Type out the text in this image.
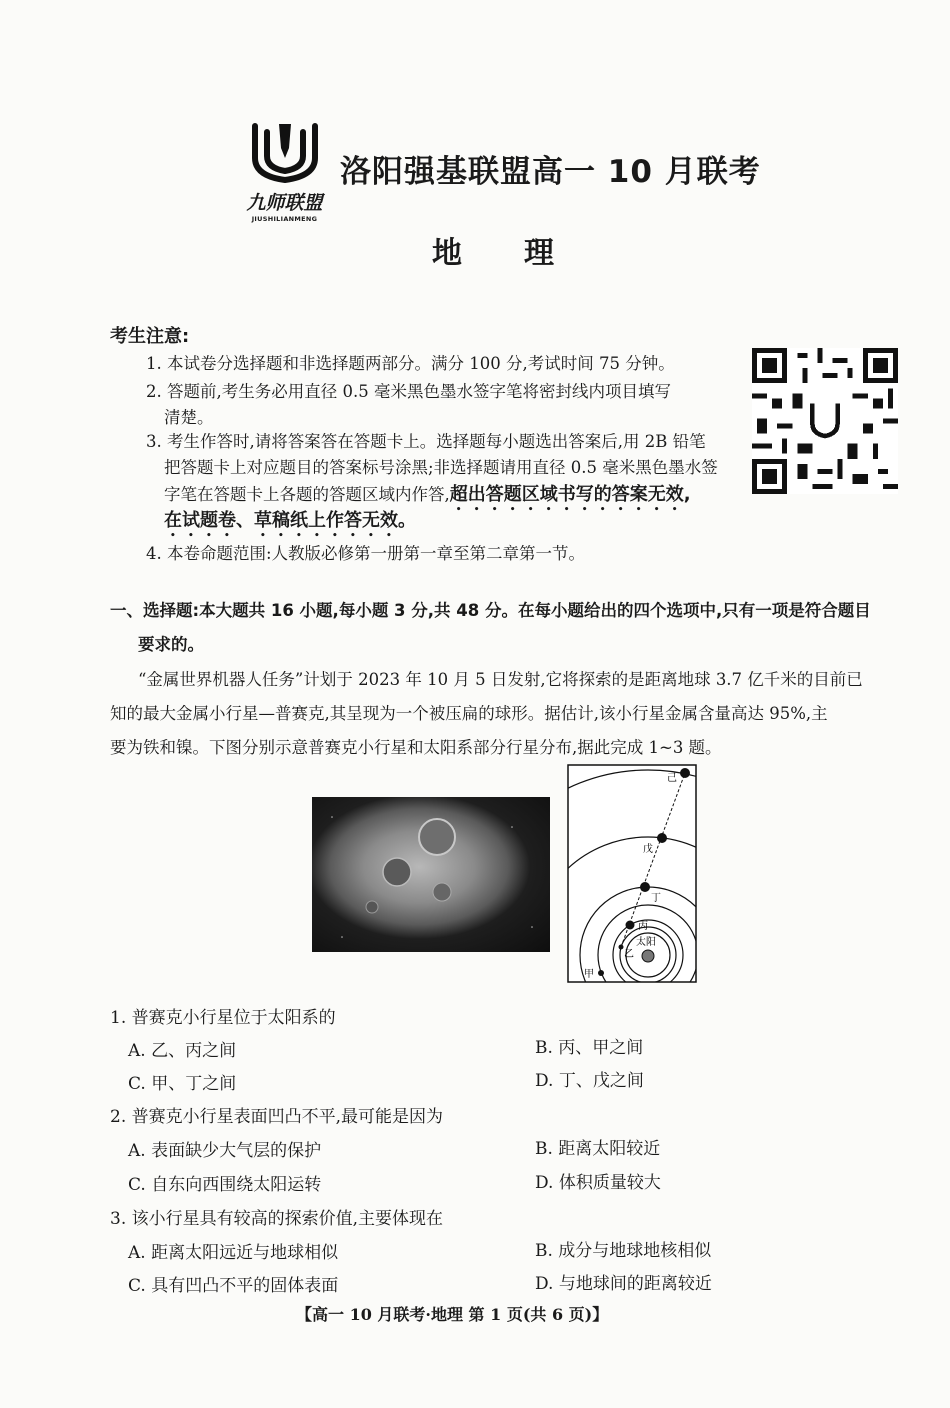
九师联盟
JIUSHILIANMENG
洛阳强基联盟高一 10 月联考
地理
考生注意:
1. 本试卷分选择题和非选择题两部分。满分 100 分,考试时间 75 分钟。
2. 答题前,考生务必用直径 0.5 毫米黑色墨水签字笔将密封线内项目填写
清楚。
3. 考生作答时,请将答案答在答题卡上。选择题每小题选出答案后,用 2B 铅笔
把答题卡上对应题目的答案标号涂黑;非选择题请用直径 0.5 毫米黑色墨水签
字笔在答题卡上各题的答题区域内作答,超出答题区域书写的答案无效,
在试题卷、草稿纸上作答无效。
4. 本卷命题范围:人教版必修第一册第一章至第二章第一节。
一、选择题:本大题共 16 小题,每小题 3 分,共 48 分。在每小题给出的四个选项中,只有一项是符合题目
要求的。
“金属世界机器人任务”计划于 2023 年 10 月 5 日发射,它将探索的是距离地球 3.7 亿千米的目前已
知的最大金属小行星—普赛克,其呈现为一个被压扁的球形。据估计,该小行星金属含量高达 95%,主
要为铁和镍。下图分别示意普赛克小行星和太阳系部分行星分布,据此完成 1~3 题。
己
戊
丁
丙
太阳
乙
甲
1. 普赛克小行星位于太阳系的
A. 乙、丙之间	B. 丙、甲之间
C. 甲、丁之间	D. 丁、戊之间
2. 普赛克小行星表面凹凸不平,最可能是因为
A. 表面缺少大气层的保护	B. 距离太阳较近
C. 自东向西围绕太阳运转	D. 体积质量较大
3. 该小行星具有较高的探索价值,主要体现在
A. 距离太阳远近与地球相似	B. 成分与地球地核相似
C. 具有凹凸不平的固体表面	D. 与地球间的距离较近
【高一 10 月联考·地理 第 1 页(共 6 页)】
